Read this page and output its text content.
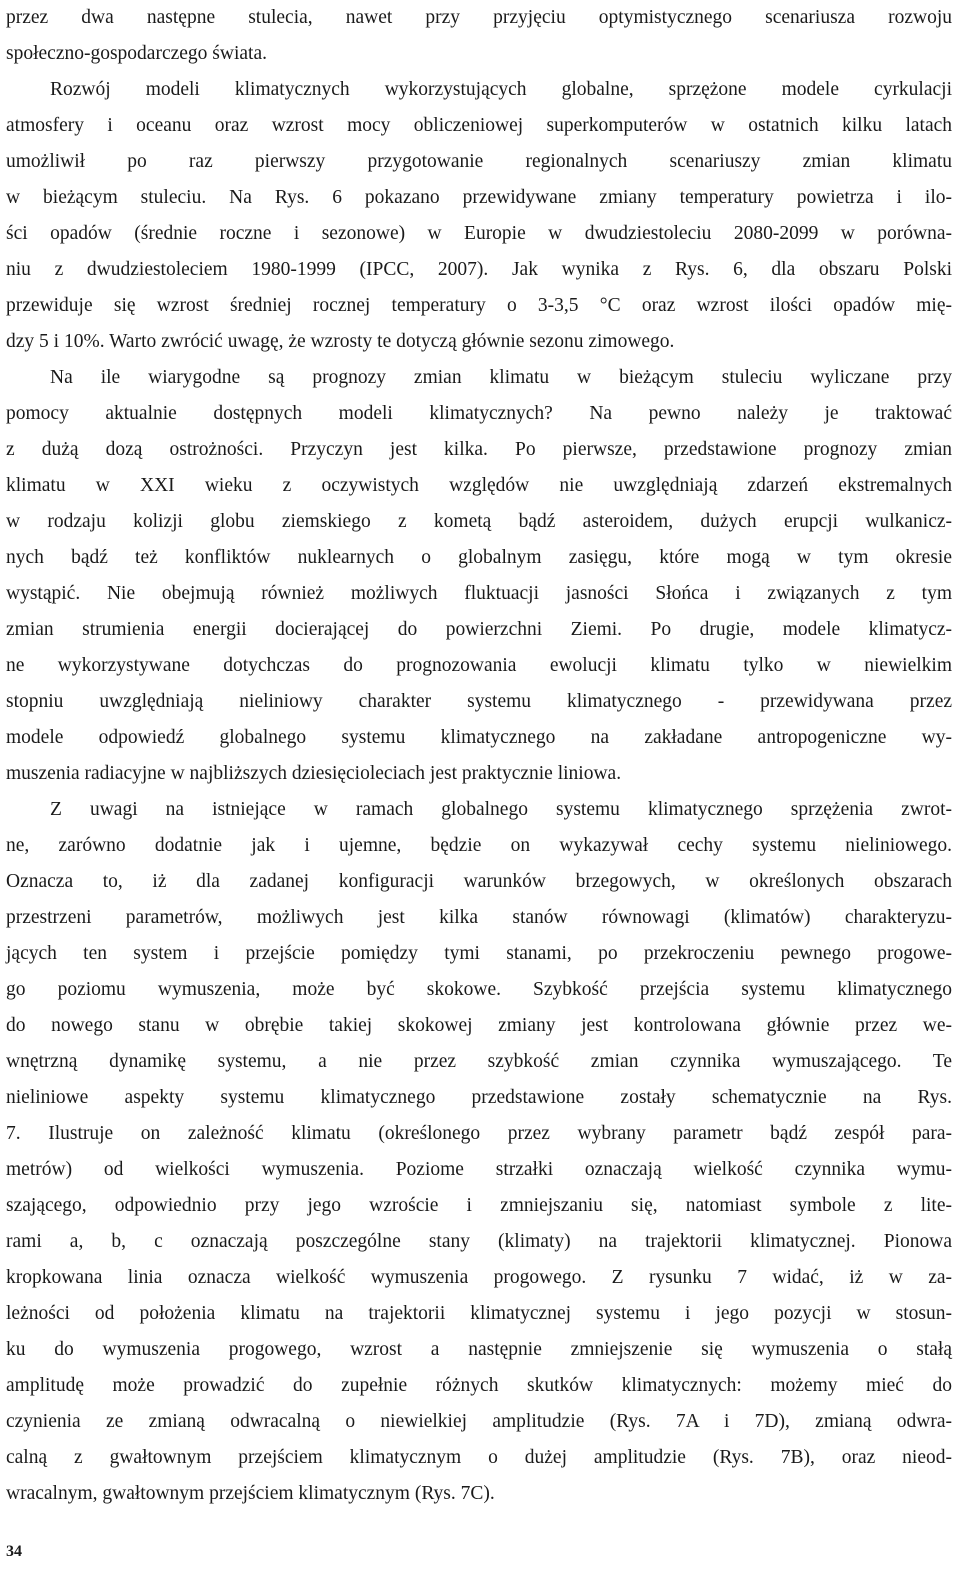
przez dwa następne stulecia, nawet przy przyjęciu optymistycznego scenariusza rozwoju
społeczno-gospodarczego świata.
Rozwój modeli klimatycznych wykorzystujących globalne, sprzężone modele cyrkulacji
atmosfery i oceanu oraz wzrost mocy obliczeniowej superkomputerów w ostatnich kilku latach
umożliwił po raz pierwszy przygotowanie regionalnych scenariuszy zmian klimatu
w bieżącym stuleciu. Na Rys. 6 pokazano przewidywane zmiany temperatury powietrza i ilo-
ści opadów (średnie roczne i sezonowe) w Europie w dwudziestoleciu 2080-2099 w porówna-
niu z dwudziestoleciem 1980-1999 (IPCC, 2007). Jak wynika z Rys. 6, dla obszaru Polski
przewiduje się wzrost średniej rocznej temperatury o 3-3,5 °C oraz wzrost ilości opadów mię-
dzy 5 i 10%. Warto zwrócić uwagę, że wzrosty te dotyczą głównie sezonu zimowego.
Na ile wiarygodne są prognozy zmian klimatu w bieżącym stuleciu wyliczane przy
pomocy aktualnie dostępnych modeli klimatycznych? Na pewno należy je traktować
z dużą dozą ostrożności. Przyczyn jest kilka. Po pierwsze, przedstawione prognozy zmian
klimatu w XXI wieku z oczywistych względów nie uwzględniają zdarzeń ekstremalnych
w rodzaju kolizji globu ziemskiego z kometą bądź asteroidem, dużych erupcji wulkanicz-
nych bądź też konfliktów nuklearnych o globalnym zasięgu, które mogą w tym okresie
wystąpić. Nie obejmują również możliwych fluktuacji jasności Słońca i związanych z tym
zmian strumienia energii docierającej do powierzchni Ziemi. Po drugie, modele klimatycz-
ne wykorzystywane dotychczas do prognozowania ewolucji klimatu tylko w niewielkim
stopniu uwzględniają nieliniowy charakter systemu klimatycznego - przewidywana przez
modele odpowiedź globalnego systemu klimatycznego na zakładane antropogeniczne wy-
muszenia radiacyjne w najbliższych dziesięcioleciach jest praktycznie liniowa.
Z uwagi na istniejące w ramach globalnego systemu klimatycznego sprzężenia zwrot-
ne, zarówno dodatnie jak i ujemne, będzie on wykazywał cechy systemu nieliniowego.
Oznacza to, iż dla zadanej konfiguracji warunków brzegowych, w określonych obszarach
przestrzeni parametrów, możliwych jest kilka stanów równowagi (klimatów) charakteryzu-
jących ten system i przejście pomiędzy tymi stanami, po przekroczeniu pewnego progowe-
go poziomu wymuszenia, może być skokowe. Szybkość przejścia systemu klimatycznego
do nowego stanu w obrębie takiej skokowej zmiany jest kontrolowana głównie przez we-
wnętrzną dynamikę systemu, a nie przez szybkość zmian czynnika wymuszającego. Te
nieliniowe aspekty systemu klimatycznego przedstawione zostały schematycznie na Rys.
7. Ilustruje on zależność klimatu (określonego przez wybrany parametr bądź zespół para-
metrów) od wielkości wymuszenia. Poziome strzałki oznaczają wielkość czynnika wymu-
szającego, odpowiednio przy jego wzroście i zmniejszaniu się, natomiast symbole z lite-
rami a, b, c oznaczają poszczególne stany (klimaty) na trajektorii klimatycznej. Pionowa
kropkowana linia oznacza wielkość wymuszenia progowego. Z rysunku 7 widać, iż w za-
leżności od położenia klimatu na trajektorii klimatycznej systemu i jego pozycji w stosun-
ku do wymuszenia progowego, wzrost a następnie zmniejszenie się wymuszenia o stałą
amplitudę może prowadzić do zupełnie różnych skutków klimatycznych: możemy mieć do
czynienia ze zmianą odwracalną o niewielkiej amplitudzie (Rys. 7A i 7D), zmianą odwra-
calną z gwałtownym przejściem klimatycznym o dużej amplitudzie (Rys. 7B), oraz nieod-
wracalnym, gwałtownym przejściem klimatycznym (Rys. 7C).
34
